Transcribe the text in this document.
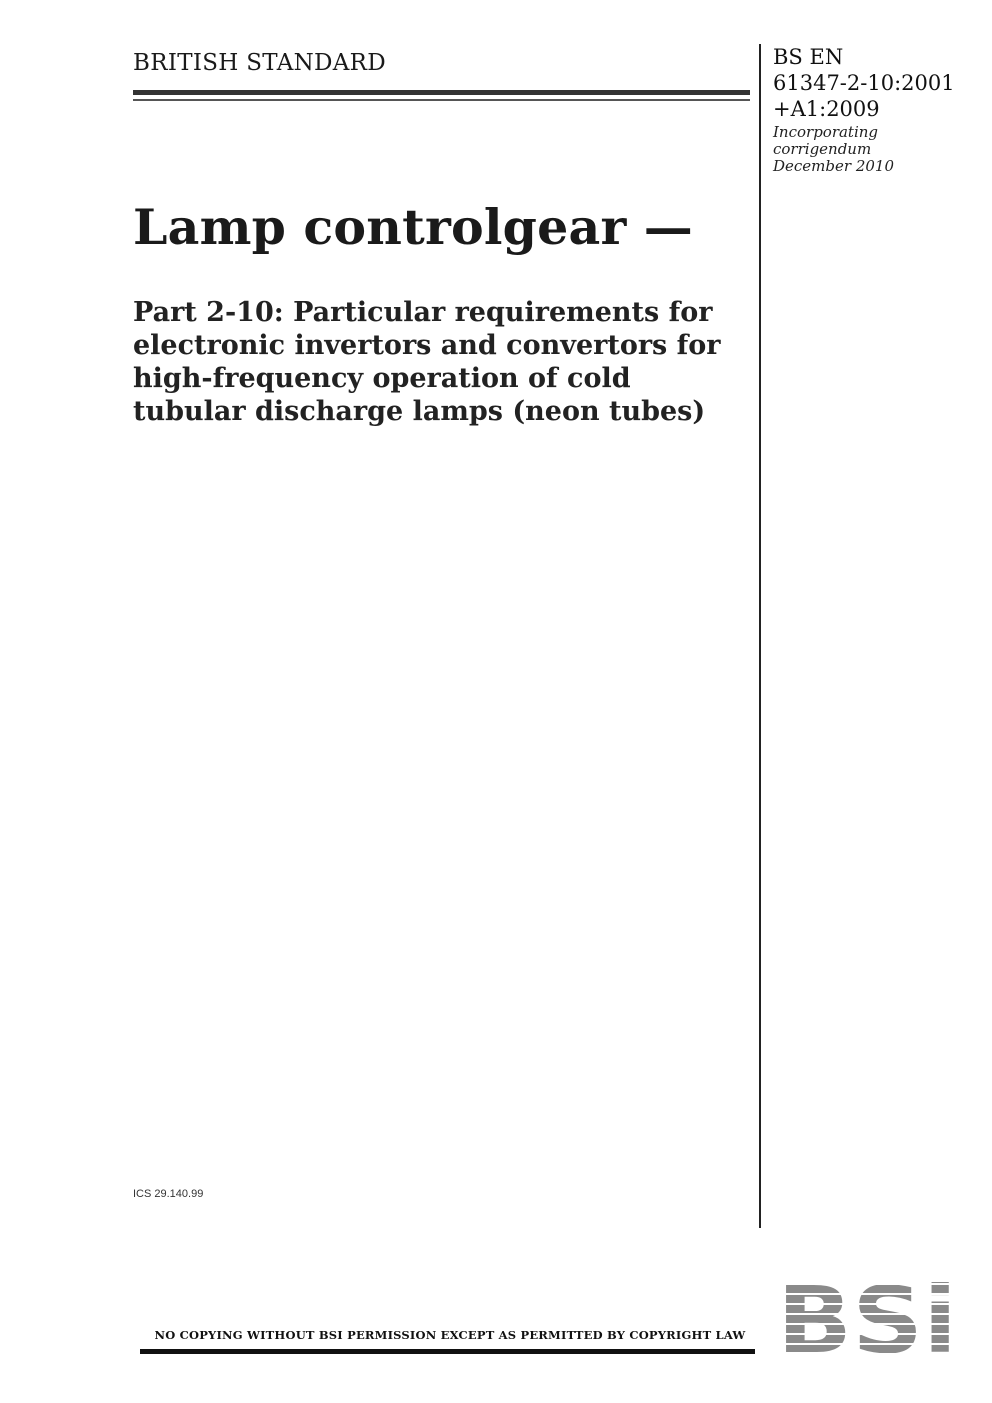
BRITISH STANDARD	BS EN
61347-2-10:2001
+A1:2009
Incorporating
corrigendum
December 2010
Lamp controlgear —
Part 2-10: Particular requirements for
electronic invertors and convertors for
high-frequency operation of cold
tubular discharge lamps (neon tubes)
ICS 29.140.99
NO COPYING WITHOUT BSI PERMISSION EXCEPT AS PERMITTED BY COPYRIGHT LAW
